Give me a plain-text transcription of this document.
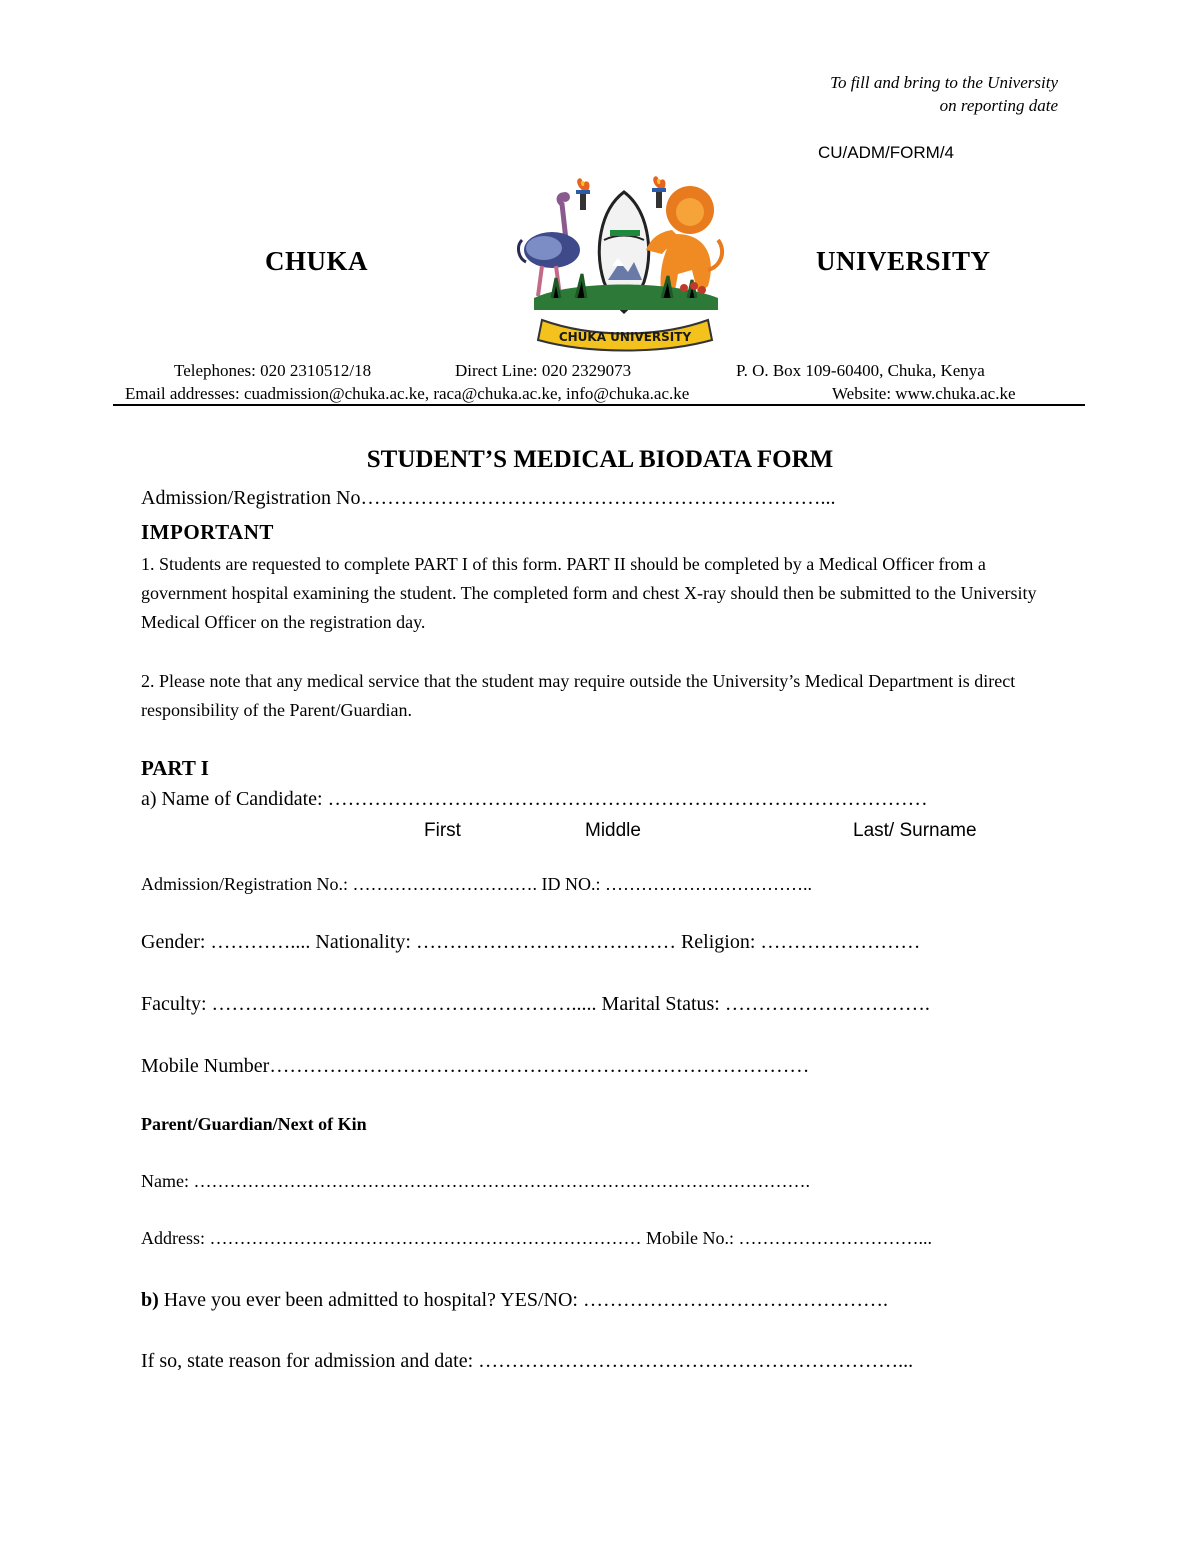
To fill and bring to the University
on reporting date
CU/ADM/FORM/4
CHUKA	UNIVERSITY
CHUKA UNIVERSITY
Telephones: 020 2310512/18	Direct Line: 020 2329073	P. O. Box 109-60400, Chuka, Kenya
Email addresses: cuadmission@chuka.ac.ke, raca@chuka.ac.ke, info@chuka.ac.ke	Website: www.chuka.ac.ke
STUDENT’S MEDICAL BIODATA FORM
Admission/Registration No……………………………………………………………...
IMPORTANT
1. Students are requested to complete PART I of this form. PART II should be completed by a Medical Officer from a government hospital examining the student. The completed form and chest X-ray should then be submitted to the University Medical Officer on the registration day.
2. Please note that any medical service that the student may require outside the University’s Medical Department is direct responsibility of the Parent/Guardian.
PART I
a) Name of Candidate: ………………………………………………………………………………
First	Middle	Last/ Surname
Admission/Registration No.: …………………………. ID NO.: ……………………………..
Gender: ………….... Nationality: ………………………………… Religion: ……………………
Faculty: ………………………………………………..... Marital Status: ………………………….
Mobile Number………………………………………………………………………
Parent/Guardian/Next of Kin
Name: ………………………………………………………………………………………….
Address: ……………………………………………………………… Mobile No.: …………………………...
b) Have you ever been admitted to hospital? YES/NO: ……………………………………….
If so, state reason for admission and date: ………………………………………………………...
